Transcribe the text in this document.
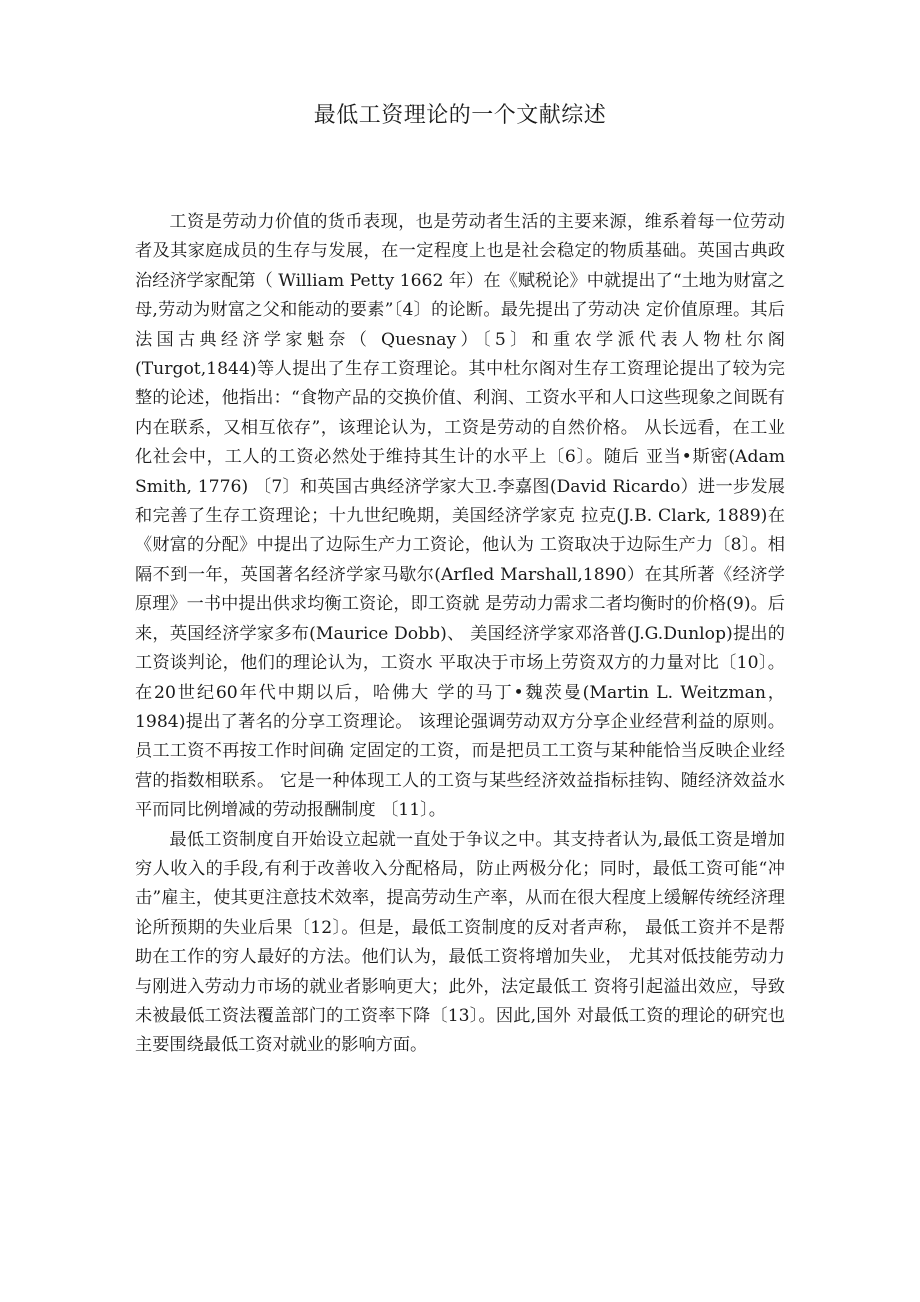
最低工资理论的一个文献综述

工资是劳动力价值的货币表现，也是劳动者生活的主要来源，维系着每一位劳动者及其家庭成员的生存与发展，在一定程度上也是社会稳定的物质基础。英国古典政治经济学家配第（ William Petty 1662 年）在《赋税论》中就提出了“土地为财富之母,劳动为财富之父和能动的要素”〔4〕的论断。最先提出了劳动决 定价值原理。其后法国古典经济学家魁奈（ Quesnay）〔5〕和重农学派代表人物杜尔阁(Turgot,1844)等人提出了生存工资理论。其中杜尔阁对生存工资理论提出了较为完整的论述，他指出：“食物产品的交换价值、利润、工资水平和人口这些现象之间既有内在联系，又相互依存”，该理论认为，工资是劳动的自然价格。 从长远看，在工业化社会中，工人的工资必然处于维持其生计的水平上〔6〕。随后 亚当•斯密(Adam Smith, 1776) 〔7〕和英国古典经济学家大卫.李嘉图(David Ricardo）进一步发展和完善了生存工资理论；十九世纪晚期，美国经济学家克 拉克(J.B. Clark, 1889)在《财富的分配》中提出了边际生产力工资论，他认为 工资取决于边际生产力〔8〕。相隔不到一年，英国著名经济学家马歇尔(Arfled Marshall,1890）在其所著《经济学原理》一书中提出供求均衡工资论，即工资就 是劳动力需求二者均衡时的价格(9)。后来，英国经济学家多布(Maurice Dobb)、 美国经济学家邓洛普(J.G.Dunlop)提出的工资谈判论，他们的理论认为，工资水 平取决于市场上劳资双方的力量对比〔10〕。在20世纪60年代中期以后，哈佛大 学的马丁•魏茨曼(Martin L. Weitzman，1984)提出了著名的分享工资理论。 该理论强调劳动双方分享企业经营利益的原则。员工工资不再按工作时间确 定固定的工资，而是把员工工资与某种能恰当反映企业经营的指数相联系。 它是一种体现工人的工资与某些经济效益指标挂钩、随经济效益水平而同比例增减的劳动报酬制度 〔11〕。

最低工资制度自开始设立起就一直处于争议之中。其支持者认为,最低工资是增加穷人收入的手段,有利于改善收入分配格局，防止两极分化；同时，最低工资可能“冲击”雇主，使其更注意技术效率，提高劳动生产率，从而在很大程度上缓解传统经济理论所预期的失业后果〔12〕。但是，最低工资制度的反对者声称， 最低工资并不是帮助在工作的穷人最好的方法。他们认为，最低工资将增加失业， 尤其对低技能劳动力与刚进入劳动力市场的就业者影响更大；此外，法定最低工 资将引起溢出效应，导致未被最低工资法覆盖部门的工资率下降〔13〕。因此,国外 对最低工资的理论的研究也主要围绕最低工资对就业的影响方面。
